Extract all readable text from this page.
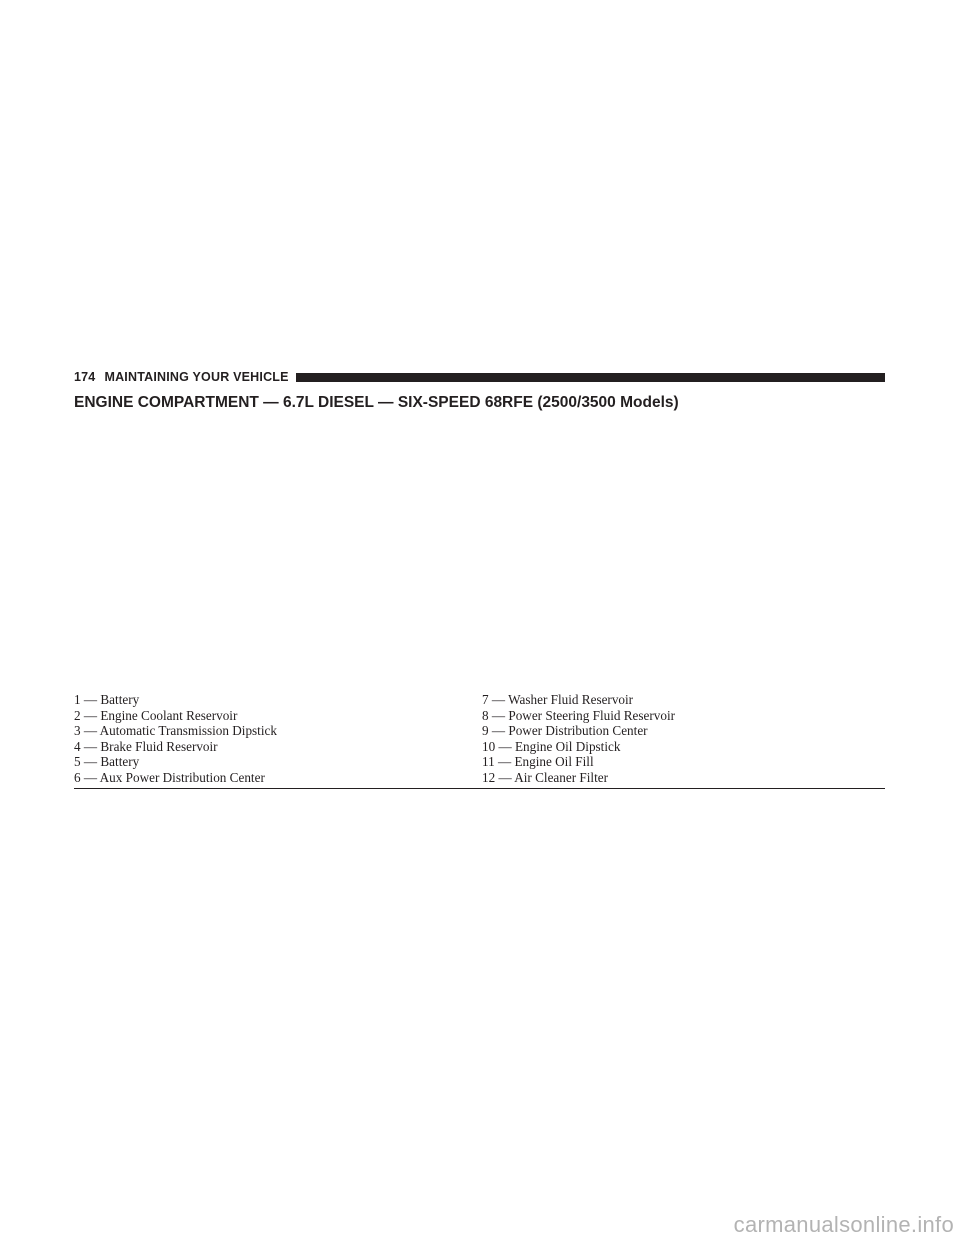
174 MAINTAINING YOUR VEHICLE
ENGINE COMPARTMENT — 6.7L DIESEL — SIX-SPEED 68RFE (2500/3500 Models)
1 — Battery
2 — Engine Coolant Reservoir
3 — Automatic Transmission Dipstick
4 — Brake Fluid Reservoir
5 — Battery
6 — Aux Power Distribution Center
7 — Washer Fluid Reservoir
8 — Power Steering Fluid Reservoir
9 — Power Distribution Center
10 — Engine Oil Dipstick
11 — Engine Oil Fill
12 — Air Cleaner Filter
carmanualsonline.info
